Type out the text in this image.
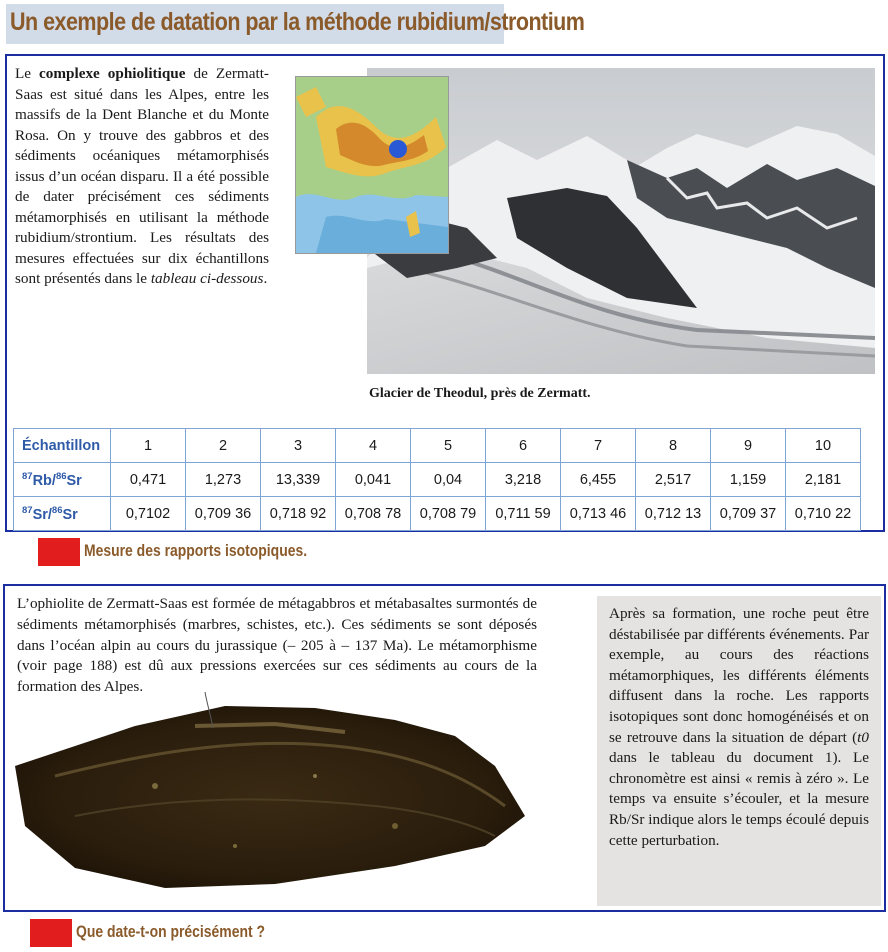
Un exemple de datation par la méthode rubidium/strontium
Le complexe ophiolitique de Zermatt-Saas est situé dans les Alpes, entre les massifs de la Dent Blanche et du Monte Rosa. On y trouve des gabbros et des sédiments océaniques métamorphisés issus d’un océan disparu. Il a été possible de dater précisément ces sédiments métamorphisés en utilisant la méthode rubidium/strontium. Les résultats des mesures effectuées sur dix échantillons sont présentés dans le tableau ci-dessous.
Glacier de Theodul, près de Zermatt.
Échantillon	1	2	3	4	5	6	7	8	9	10
$^{87}$Rb/$^{86}$Sr	0,471	1,273	13,339	0,041	0,04	3,218	6,455	2,517	1,159	2,181
$^{87}$Sr/$^{86}$Sr	0,7102	0,709 36	0,718 92	0,708 78	0,708 79	0,711 59	0,713 46	0,712 13	0,709 37	0,710 22
Mesure des rapports isotopiques.
L’ophiolite de Zermatt-Saas est formée de métagabbros et métabasaltes surmontés de sédiments métamorphisés (marbres, schistes, etc.). Ces sédiments se sont déposés dans l’océan alpin au cours du jurassique (– 205 à – 137 Ma). Le métamorphisme (voir page 188) est dû aux pressions exercées sur ces sédiments au cours de la formation des Alpes.

Après sa formation, une roche peut être déstabilisée par différents événements. Par exemple, au cours des réactions métamorphiques, les différents éléments diffusent dans la roche. Les rapports isotopiques sont donc homogénéisés et on se retrouve dans la situation de départ (t0 dans le tableau du document 1). Le chronomètre est ainsi « remis à zéro ». Le temps va ensuite s’écouler, et la mesure Rb/Sr indique alors le temps écoulé depuis cette perturbation.

Que date-t-on précisément ?
